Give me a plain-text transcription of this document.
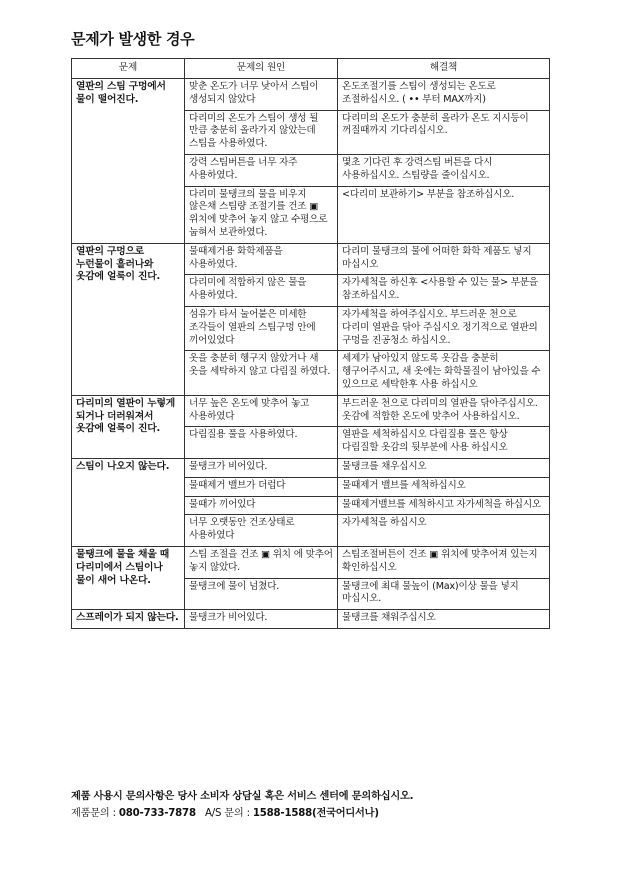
문제가 발생한 경우
문제	문제의 원인	해결책
열판의 스팀 구멍에서 물이 떨어진다.	맞춘 온도가 너무 낮아서 스팀이 생성되지 않았다	온도조절기를 스팀이 생성되는 온도로 조절하십시오. ( •• 부터 MAX까지)
	다리미의 온도가 스팀이 생성 될 만큼 충분히 올라가지 않았는데 스팀을 사용하였다.	다리미의 온도가 충분히 올라가 온도 지시등이 꺼질때까지 기다리십시오.
	강력 스팀버튼을 너무 자주 사용하였다.	몇초 기다린 후 강력스팀 버튼을 다시 사용하십시오. 스팀량을 줄이십시오.
	다리미 물탱크의 물을 비우지 않은채 스팀량 조절기를 건조 ▣ 위치에 맞추어 놓지 않고 수평으로 눕혀서 보관하였다.	<다리미 보관하기> 부분을 참조하십시오.
열판의 구멍으로 누런물이 흘러나와 옷감에 얼룩이 진다.	물때제거용 화학제품을 사용하였다.	다리미 물탱크의 물에 어떠한 화학 제품도 넣지 마십시오
	다리미에 적합하지 않은 물을 사용하였다.	자가세척을 하신후 <사용할 수 있는 물> 부분을 참조하십시오.
	섬유가 타서 눌어붙은 미세한 조각들이 열판의 스팀구멍 안에 끼어있었다	자가세척을 하여주십시오. 부드러운 천으로 다리미 열판을 닦아 주십시오 정기적으로 열판의 구멍을 진공청소 하십시오.
	옷을 충분히 헹구지 않았거나 새 옷을 세탁하지 않고 다림질 하였다.	세제가 남아있지 않도록 옷감을 충분히 헹구어주시고, 새 옷에는 화학물질이 남아있을 수 있으므로 세탁한후 사용 하십시오
다리미의 열판이 누렇게 되거나 더러워져서 옷감에 얼룩이 진다.	너무 높은 온도에 맞추어 놓고 사용하였다	부드러운 천으로 다리미의 열판을 닦아주십시오. 옷감에 적합한 온도에 맞추어 사용하십시오.
	다림질용 풀을 사용하였다.	열판을 세척하십시오 다림질용 풀은 항상 다림질할 옷감의 뒷부분에 사용 하십시오
스팀이 나오지 않는다.	물탱크가 비어있다.	물탱크를 채우십시오
	물때제거 밸브가 더럽다	물때제거 밸브를 세척하십시오
	물때가 끼어있다	물때제거밸브를 세척하시고 자가세척을 하십시오
	너무 오랫동안 건조상태로 사용하였다	자가세척을 하십시오
물탱크에 물을 채울 때 다리미에서 스팀이나 물이 새어 나온다.	스팀 조절을 건조 ▣ 위치 에 맞추어 놓지 않았다.	스팀조절버튼이 건조 ▣ 위치에 맞추어져 있는지 확인하십시오
	물탱크에 물이 넘쳤다.	물탱크에 최대 물높이 (Max)이상 물을 넣지 마십시오.
스프레이가 되지 않는다.	물탱크가 비어있다.	물탱크를 채워주십시오
제품 사용시 문의사항은 당사 소비자 상담실 혹은 서비스 센터에 문의하십시오.
제품문의 : 080-733-7878 A/S 문의 : 1588-1588(전국어디서나)
